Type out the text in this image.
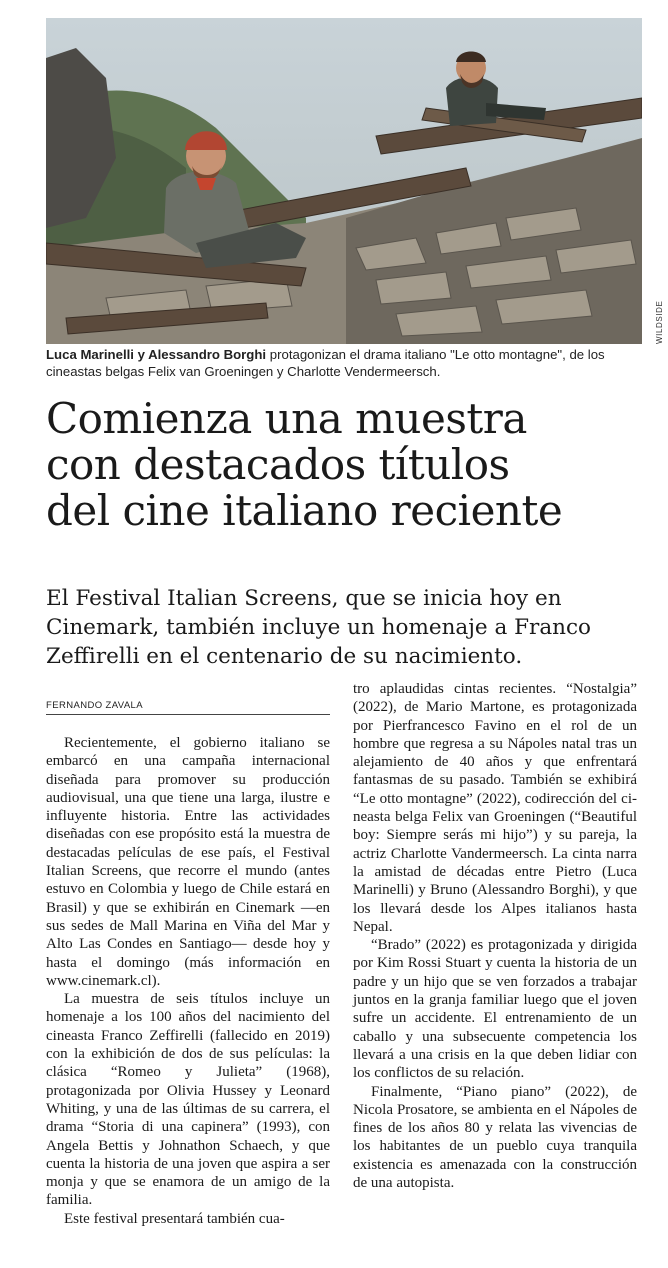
WILDSIDE
Luca Marinelli y Alessandro Borghi protagonizan el drama italiano "Le otto montagne", de los cineastas belgas Felix van Groeningen y Charlotte Vendermeersch.
Comienza una muestra
con destacados títulos
del cine italiano reciente
El Festival Italian Screens, que se inicia hoy en
Cinemark, también incluye un homenaje a Franco
Zeffirelli en el centenario de su nacimiento.
FERNANDO ZAVALA

Recientemente, el gobierno italiano se embarcó en una campaña internacional diseñada para promover su producción audiovisual, una que tiene una larga, ilustre e influyente historia. Entre las actividades diseñadas con ese propósito está la muestra de destacadas películas de ese país, el Festival Italian Screens, que recorre el mundo (antes estuvo en Colombia y luego de Chile estará en Brasil) y que se exhibirán en Cinemark —en sus sedes de Mall Marina en Viña del Mar y Alto Las Condes en Santiago— desde hoy y hasta el domingo (más información en www.cinemark.cl).

La muestra de seis títulos incluye un homenaje a los 100 años del nacimiento del cineasta Franco Zeffirelli (fallecido en 2019) con la exhibición de dos de sus películas: la clásica “Romeo y Julieta” (1968), protagonizada por Olivia Hussey y Leonard Whiting, y una de las últimas de su carrera, el drama “Storia di una capinera” (1993), con Angela Bettis y Johnathon Schaech, y que cuenta la historia de una joven que aspira a ser monja y que se enamora de un amigo de la familia.

Este festival presentará también cua-

tro aplaudidas cintas recientes. “Nostalgia” (2022), de Mario Martone, es protagonizada por Pierfrancesco Favino en el rol de un hombre que regresa a su Nápoles natal tras un alejamiento de 40 años y que enfrentará fantasmas de su pasado. También se exhibirá “Le otto montagne” (2022), codirección del cineasta belga Felix van Groeningen (“Beautiful boy: Siempre serás mi hijo”) y su pareja, la actriz Charlotte Vandermeersch. La cinta narra la amistad de décadas entre Pietro (Luca Marinelli) y Bruno (Alessandro Borghi), y que los llevará desde los Alpes italianos hasta Nepal.

“Brado” (2022) es protagonizada y dirigida por Kim Rossi Stuart y cuenta la historia de un padre y un hijo que se ven forzados a trabajar juntos en la granja familiar luego que el joven sufre un accidente. El entrenamiento de un caballo y una subsecuente competencia los llevará a una crisis en la que deben lidiar con los conflictos de su relación.

Finalmente, “Piano piano” (2022), de Nicola Prosatore, se ambienta en el Nápoles de fines de los años 80 y relata las vivencias de los habitantes de un pueblo cuya tranquila existencia es amenazada con la construcción de una autopista.
